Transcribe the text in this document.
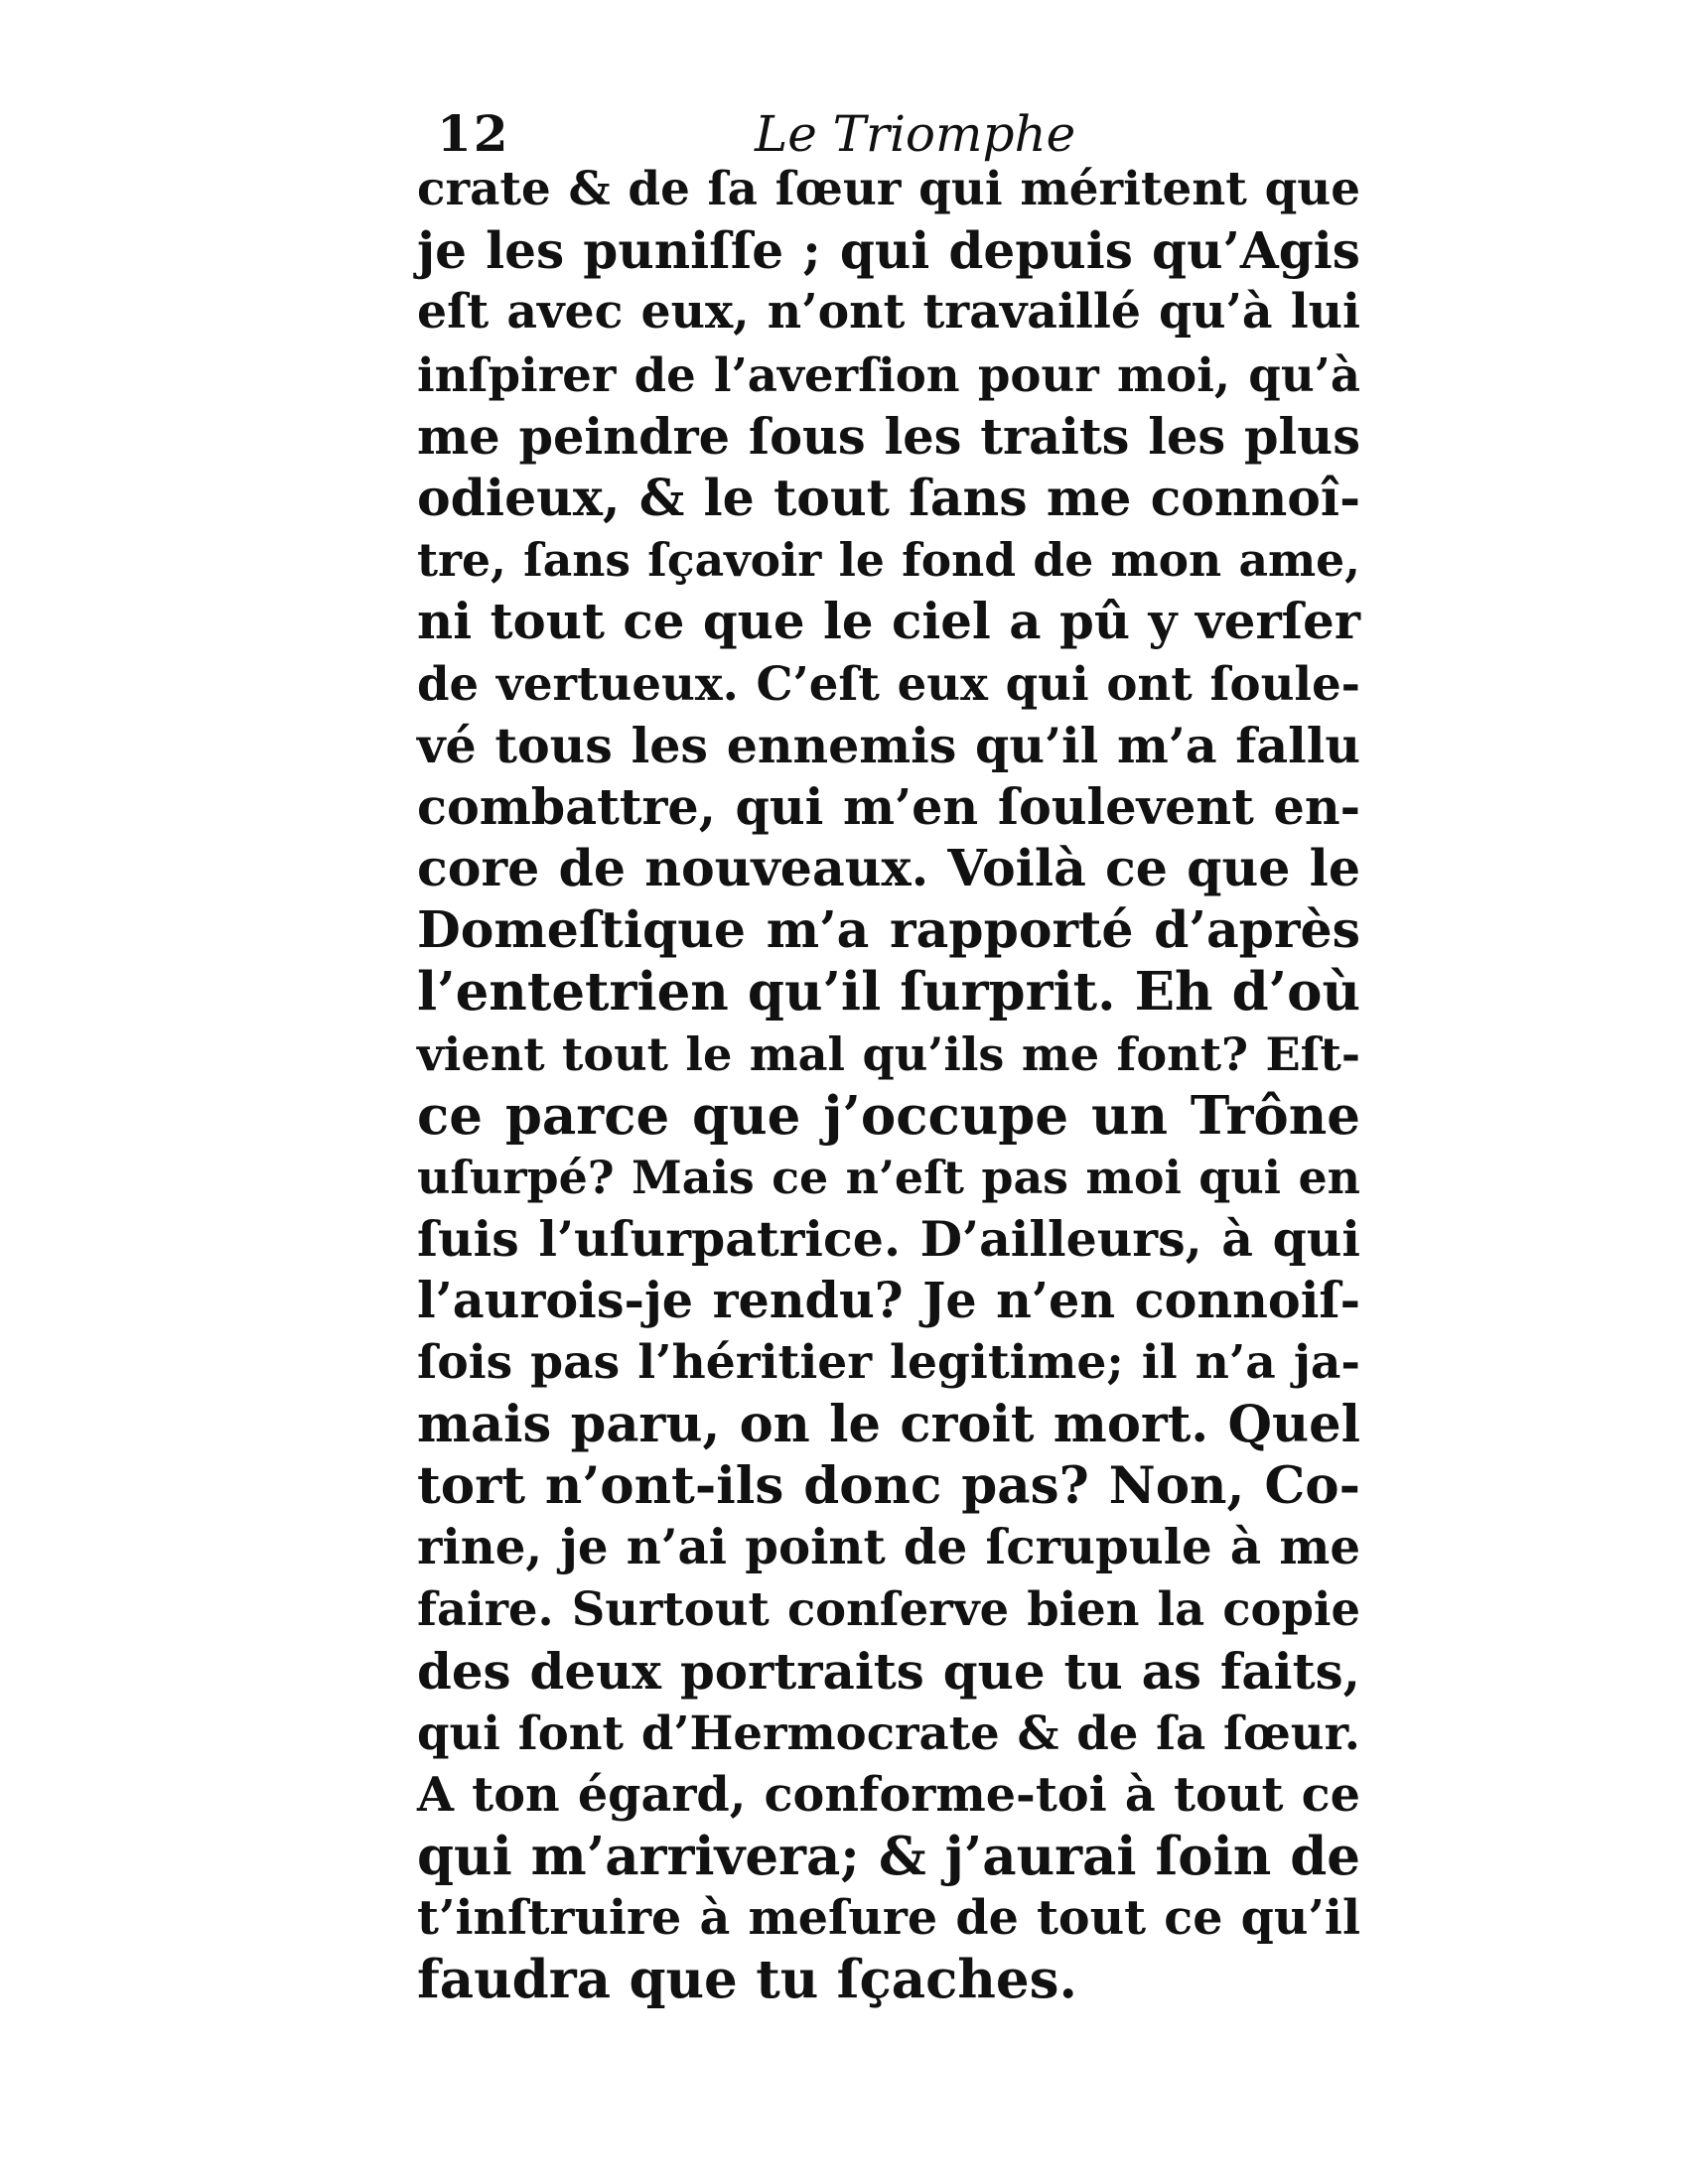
12	Le Triomphe
crate & de ſa ſœur qui méritent que
je les puniſſe ; qui depuis qu’Agis
eſt avec eux, n’ont travaillé qu’à lui
inſpirer de l’averſion pour moi, qu’à
me peindre ſous les traits les plus
odieux, & le tout ſans me connoî-
tre, ſans ſçavoir le fond de mon ame,
ni tout ce que le ciel a pû y verſer
de vertueux. C’eſt eux qui ont ſoule-
vé tous les ennemis qu’il m’a fallu
combattre, qui m’en ſoulevent en-
core de nouveaux. Voilà ce que le
Domeſtique m’a rapporté d’après
l’entetrien qu’il ſurprit. Eh d’où
vient tout le mal qu’ils me font? Eſt-
ce parce que j’occupe un Trône
uſurpé? Mais ce n’eſt pas moi qui en
ſuis l’uſurpatrice. D’ailleurs, à qui
l’aurois-je rendu? Je n’en connoiſ-
ſois pas l’héritier legitime; il n’a ja-
mais paru, on le croit mort. Quel
tort n’ont-ils donc pas? Non, Co-
rine, je n’ai point de ſcrupule à me
faire. Surtout conſerve bien la copie
des deux portraits que tu as faits,
qui ſont d’Hermocrate & de ſa ſœur.
A ton égard, conforme-toi à tout ce
qui m’arrivera; & j’aurai ſoin de
t’inſtruire à meſure de tout ce qu’il
faudra que tu ſçaches.
